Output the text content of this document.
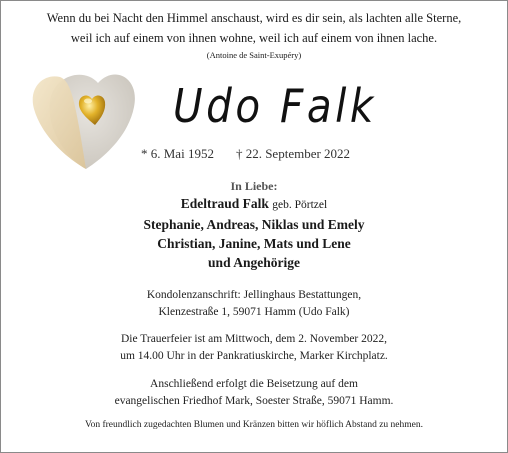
Wenn du bei Nacht den Himmel anschaust, wird es dir sein, als lachten alle Sterne,
weil ich auf einem von ihnen wohne, weil ich auf einem von ihnen lache.
(Antoine de Saint-Exupéry)
Udo Falk
* 6. Mai 1952 † 22. September 2022
In Liebe:
Edeltraud Falk geb. Pörtzel
Stephanie, Andreas, Niklas und Emely
Christian, Janine, Mats und Lene
und Angehörige
Kondolenzanschrift: Jellinghaus Bestattungen,
Klenzestraße 1, 59071 Hamm (Udo Falk)
Die Trauerfeier ist am Mittwoch, dem 2. November 2022,
um 14.00 Uhr in der Pankratiuskirche, Marker Kirchplatz.
Anschließend erfolgt die Beisetzung auf dem
evangelischen Friedhof Mark, Soester Straße, 59071 Hamm.
Von freundlich zugedachten Blumen und Kränzen bitten wir höflich Abstand zu nehmen.
